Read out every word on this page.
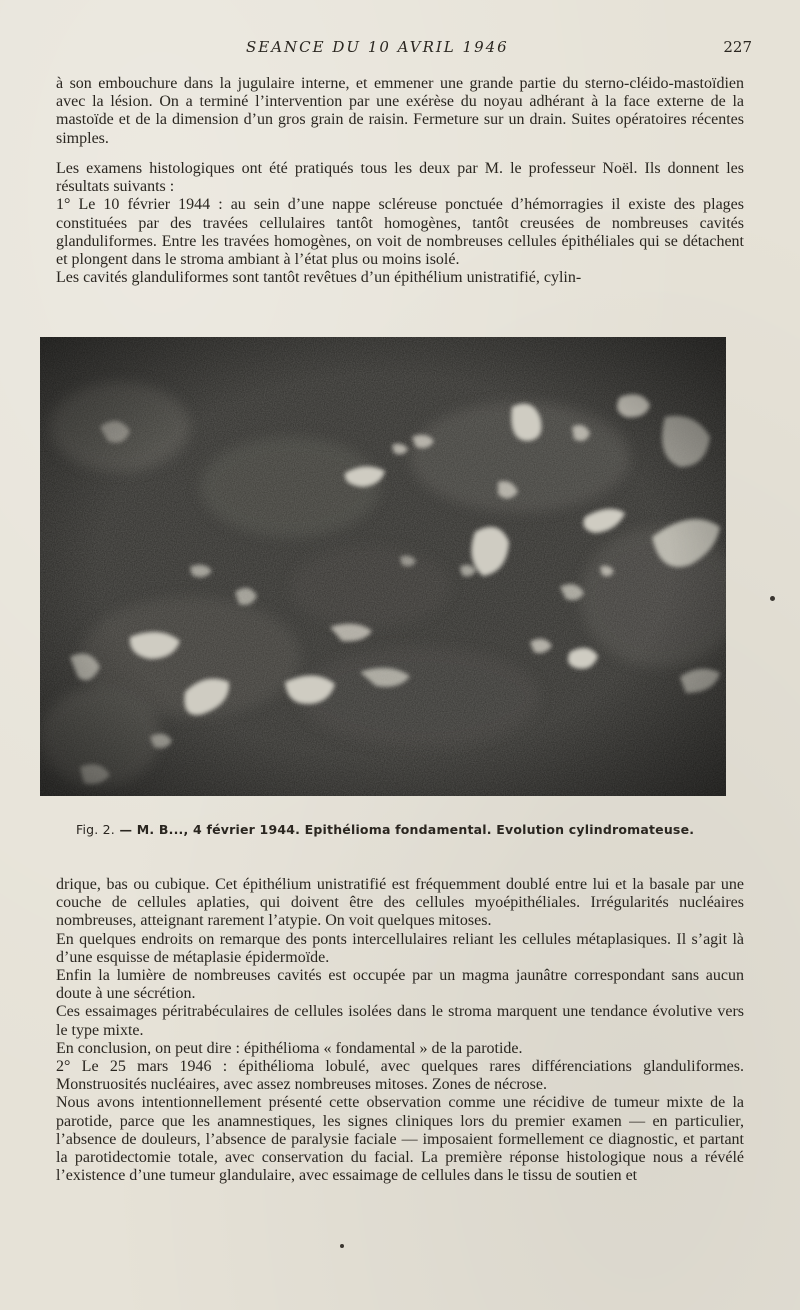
SEANCE DU 10 AVRIL 1946	227

à son embouchure dans la jugulaire interne, et emmener une grande partie du sterno-cléido-mastoïdien avec la lésion. On a terminé l’intervention par une exérèse du noyau adhérant à la face externe de la mastoïde et de la dimension d’un gros grain de raisin. Fermeture sur un drain. Suites opératoires récentes simples.

Les examens histologiques ont été pratiqués tous les deux par M. le professeur Noël. Ils donnent les résultats suivants :

1° Le 10 février 1944 : au sein d’une nappe scléreuse ponctuée d’hémorragies il existe des plages constituées par des travées cellulaires tantôt homogènes, tantôt creusées de nombreuses cavités glanduliformes. Entre les travées homogènes, on voit de nombreuses cellules épithéliales qui se détachent et plongent dans le stroma ambiant à l’état plus ou moins isolé.

Les cavités glanduliformes sont tantôt revêtues d’un épithélium unistratifié, cylin-

Fig. 2. — M. B..., 4 février 1944. Epithélioma fondamental. Evolution cylindromateuse.

drique, bas ou cubique. Cet épithélium unistratifié est fréquemment doublé entre lui et la basale par une couche de cellules aplaties, qui doivent être des cellules myoépithéliales. Irrégularités nucléaires nombreuses, atteignant rarement l’atypie. On voit quelques mitoses.

En quelques endroits on remarque des ponts intercellulaires reliant les cellules métaplasiques. Il s’agit là d’une esquisse de métaplasie épidermoïde.

Enfin la lumière de nombreuses cavités est occupée par un magma jaunâtre correspondant sans aucun doute à une sécrétion.

Ces essaimages péritrabéculaires de cellules isolées dans le stroma marquent une tendance évolutive vers le type mixte.

En conclusion, on peut dire : épithélioma « fondamental » de la parotide.

2° Le 25 mars 1946 : épithélioma lobulé, avec quelques rares différenciations glanduliformes. Monstruosités nucléaires, avec assez nombreuses mitoses. Zones de nécrose.

Nous avons intentionnellement présenté cette observation comme une récidive de tumeur mixte de la parotide, parce que les anamnestiques, les signes cliniques lors du premier examen — en particulier, l’absence de douleurs, l’absence de paralysie faciale — imposaient formellement ce diagnostic, et partant la parotidectomie totale, avec conservation du facial. La première réponse histologique nous a révélé l’existence d’une tumeur glandulaire, avec essaimage de cellules dans le tissu de soutien et
